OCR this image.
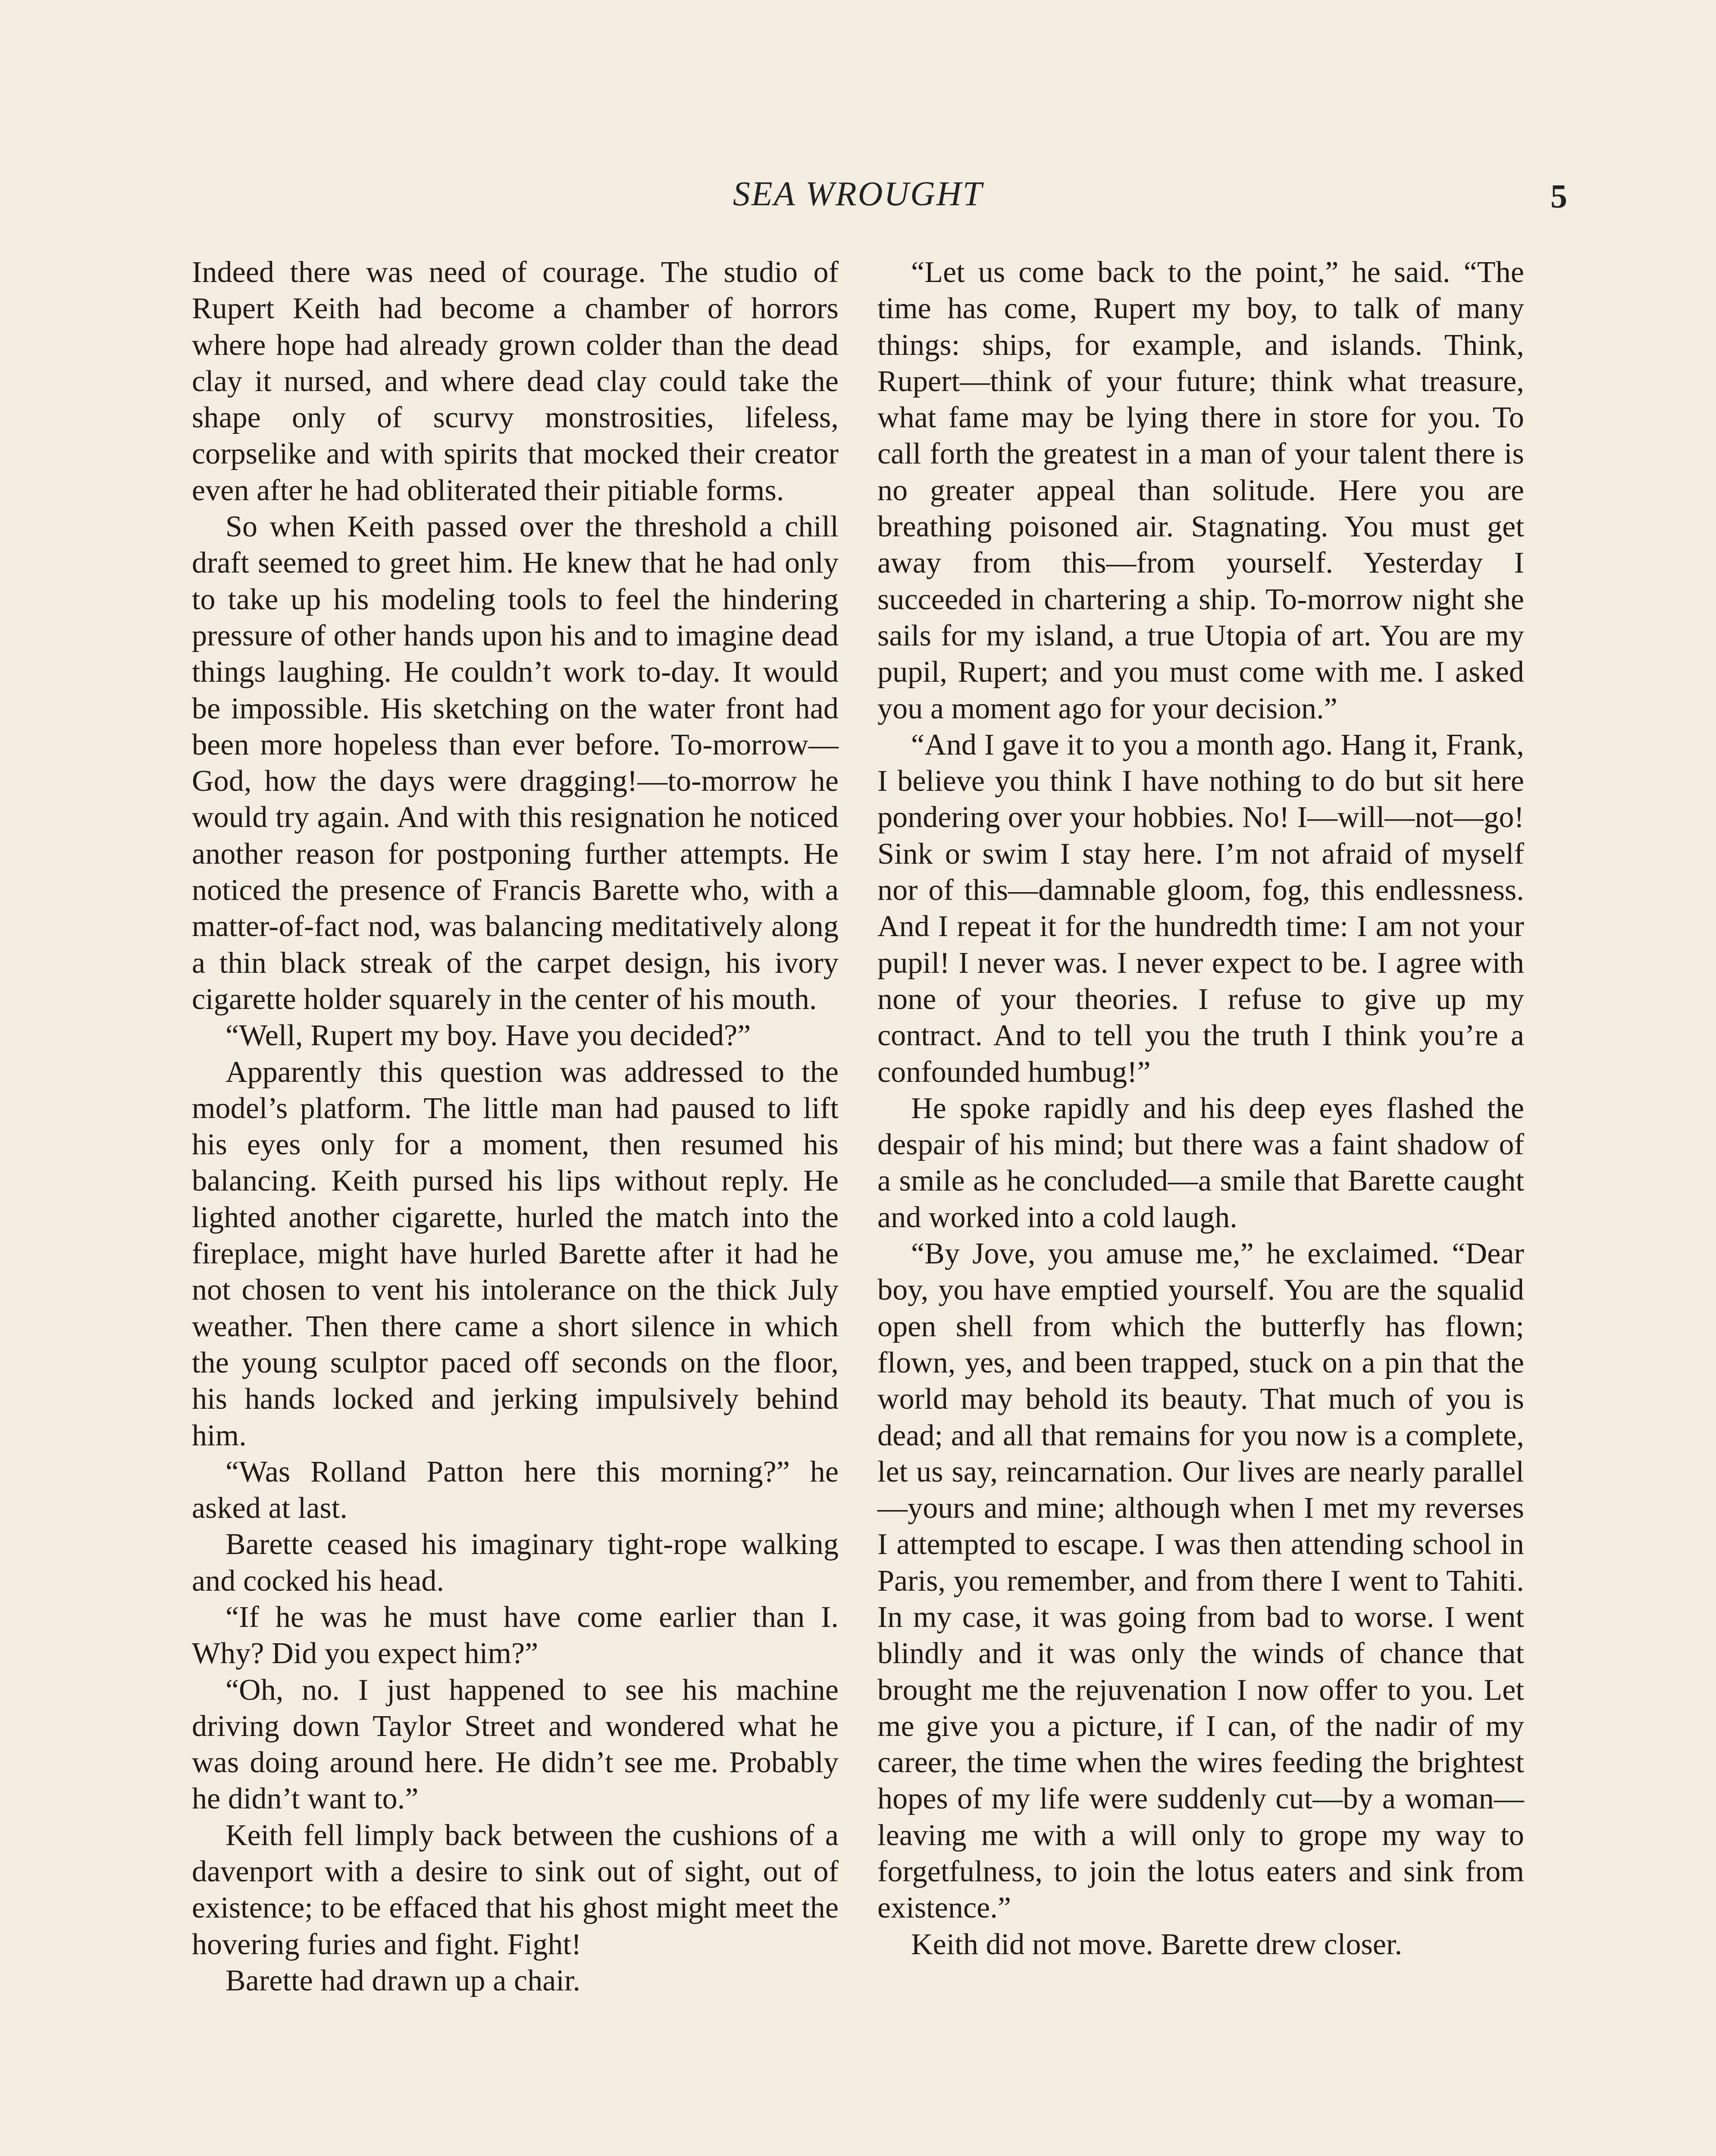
SEA WROUGHT	5

Indeed there was need of courage. The studio of Rupert Keith had become a chamber of horrors where hope had already grown colder than the dead clay it nursed, and where dead clay could take the shape only of scurvy monstrosities, lifeless, corpselike and with spirits that mocked their creator even after he had obliterated their pitiable forms.

So when Keith passed over the threshold a chill draft seemed to greet him. He knew that he had only to take up his modeling tools to feel the hindering pressure of other hands upon his and to imagine dead things laughing. He couldn’t work to-day. It would be impossible. His sketching on the water front had been more hopeless than ever before. To-morrow—God, how the days were dragging!—to-morrow he would try again. And with this resignation he noticed another reason for postponing further attempts. He noticed the presence of Francis Barette who, with a matter-of-fact nod, was balancing meditatively along a thin black streak of the carpet design, his ivory cigarette holder squarely in the center of his mouth.

“Well, Rupert my boy. Have you decided?”

Apparently this question was addressed to the model’s platform. The little man had paused to lift his eyes only for a moment, then resumed his balancing. Keith pursed his lips without reply. He lighted another cigarette, hurled the match into the fireplace, might have hurled Barette after it had he not chosen to vent his intolerance on the thick July weather. Then there came a short silence in which the young sculptor paced off seconds on the floor, his hands locked and jerking impulsively behind him.

“Was Rolland Patton here this morning?” he asked at last.

Barette ceased his imaginary tight-rope walking and cocked his head.

“If he was he must have come earlier than I. Why? Did you expect him?”

“Oh, no. I just happened to see his machine driving down Taylor Street and wondered what he was doing around here. He didn’t see me. Probably he didn’t want to.”

Keith fell limply back between the cushions of a davenport with a desire to sink out of sight, out of existence; to be effaced that his ghost might meet the hovering furies and fight. Fight!

Barette had drawn up a chair.

“Let us come back to the point,” he said. “The time has come, Rupert my boy, to talk of many things: ships, for example, and islands. Think, Rupert—think of your future; think what treasure, what fame may be lying there in store for you. To call forth the greatest in a man of your talent there is no greater appeal than solitude. Here you are breathing poisoned air. Stagnating. You must get away from this—from yourself. Yesterday I succeeded in chartering a ship. To-morrow night she sails for my island, a true Utopia of art. You are my pupil, Rupert; and you must come with me. I asked you a moment ago for your decision.”

“And I gave it to you a month ago. Hang it, Frank, I believe you think I have nothing to do but sit here pondering over your hobbies. No! I—will—not—go! Sink or swim I stay here. I’m not afraid of myself nor of this—damnable gloom, fog, this endlessness. And I repeat it for the hundredth time: I am not your pupil! I never was. I never expect to be. I agree with none of your theories. I refuse to give up my contract. And to tell you the truth I think you’re a confounded humbug!”

He spoke rapidly and his deep eyes flashed the despair of his mind; but there was a faint shadow of a smile as he concluded—a smile that Barette caught and worked into a cold laugh.

“By Jove, you amuse me,” he exclaimed. “Dear boy, you have emptied yourself. You are the squalid open shell from which the butterfly has flown; flown, yes, and been trapped, stuck on a pin that the world may behold its beauty. That much of you is dead; and all that remains for you now is a complete, let us say, reincarnation. Our lives are nearly parallel—yours and mine; although when I met my reverses I attempted to escape. I was then attending school in Paris, you remember, and from there I went to Tahiti. In my case, it was going from bad to worse. I went blindly and it was only the winds of chance that brought me the rejuvenation I now offer to you. Let me give you a picture, if I can, of the nadir of my career, the time when the wires feeding the brightest hopes of my life were suddenly cut—by a woman—leaving me with a will only to grope my way to forgetfulness, to join the lotus eaters and sink from existence.”

Keith did not move. Barette drew closer.
